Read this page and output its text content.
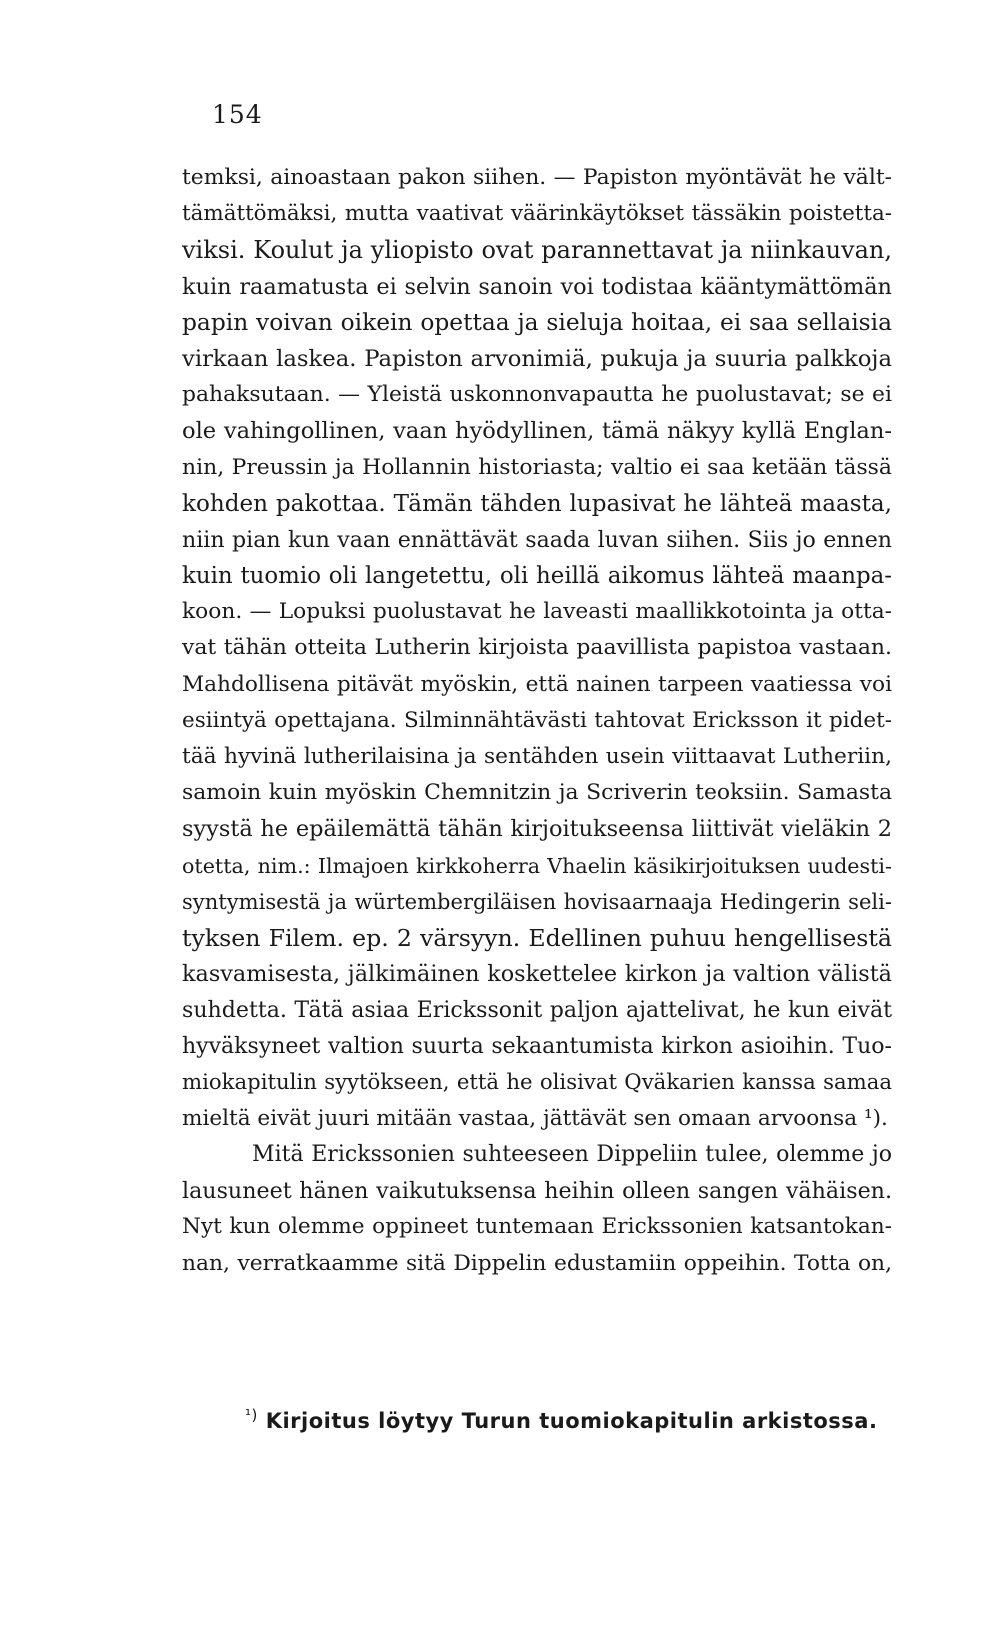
154
temksi, ainoastaan pakon siihen. — Papiston myöntävät he vält-
tämättömäksi, mutta vaativat väärinkäytökset tässäkin poistetta-
viksi. Koulut ja yliopisto ovat parannettavat ja niinkauvan,
kuin raamatusta ei selvin sanoin voi todistaa kääntymättömän
papin voivan oikein opettaa ja sieluja hoitaa, ei saa sellaisia
virkaan laskea. Papiston arvonimiä, pukuja ja suuria palkkoja
pahaksutaan. — Yleistä uskonnonvapautta he puolustavat; se ei
ole vahingollinen, vaan hyödyllinen, tämä näkyy kyllä Englan-
nin, Preussin ja Hollannin historiasta; valtio ei saa ketään tässä
kohden pakottaa. Tämän tähden lupasivat he lähteä maasta,
niin pian kun vaan ennättävät saada luvan siihen. Siis jo ennen
kuin tuomio oli langetettu, oli heillä aikomus lähteä maanpa-
koon. — Lopuksi puolustavat he laveasti maallikkotointa ja otta-
vat tähän otteita Lutherin kirjoista paavillista papistoa vastaan.
Mahdollisena pitävät myöskin, että nainen tarpeen vaatiessa voi
esiintyä opettajana. Silminnähtävästi tahtovat Ericksson it pidet-
tää hyvinä lutherilaisina ja sentähden usein viittaavat Lutheriin,
samoin kuin myöskin Chemnitzin ja Scriverin teoksiin. Samasta
syystä he epäilemättä tähän kirjoitukseensa liittivät vieläkin 2
otetta, nim.: Ilmajoen kirkkoherra Vhaelin käsikirjoituksen uudesti-
syntymisestä ja würtembergiläisen hovisaarnaaja Hedingerin seli-
tyksen Filem. ep. 2 värsyyn. Edellinen puhuu hengellisestä
kasvamisesta, jälkimäinen koskettelee kirkon ja valtion välistä
suhdetta. Tätä asiaa Erickssonit paljon ajattelivat, he kun eivät
hyväksyneet valtion suurta sekaantumista kirkon asioihin. Tuo-
miokapitulin syytökseen, että he olisivat Qväkarien kanssa samaa
mieltä eivät juuri mitään vastaa, jättävät sen omaan arvoonsa ¹).
Mitä Erickssonien suhteeseen Dippeliin tulee, olemme jo
lausuneet hänen vaikutuksensa heihin olleen sangen vähäisen.
Nyt kun olemme oppineet tuntemaan Erickssonien katsantokan-
nan, verratkaamme sitä Dippelin edustamiin oppeihin. Totta on,
$^{^1)}$ Kirjoitus löytyy Turun tuomiokapitulin arkistossa.
